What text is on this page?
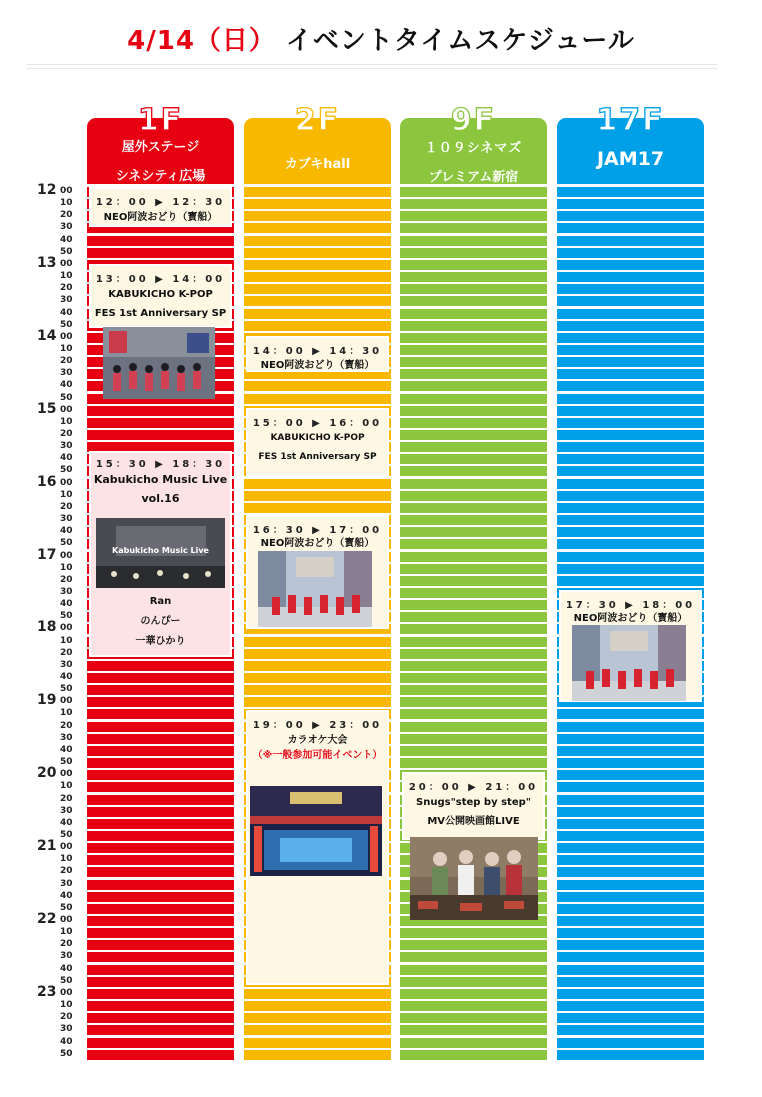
4/14（日） イベントタイムスケジュール
12 00
10
20
30
40
50
13 00
10
20
30
40
50
14 00
10
20
30
40
50
15 00
10
20
30
40
50
16 00
10
20
30
40
50
17 00
10
20
30
40
50
18 00
10
20
30
40
50
19 00
10
20
30
40
50
20 00
10
20
30
40
50
21 00
10
20
30
40
50
22 00
10
20
30
40
50
23 00
10
20
30
40
50
1F
屋外ステージ
シネシティ広場
2F
カブキhall
9F
１０９シネマズ
プレミアム新宿
17F
JAM17
12：00 ▶ 12：30
NEO阿波おどり（寳船）
13：00 ▶ 14：00
KABUKICHO K-POP
FES 1st Anniversary SP
15：30 ▶ 18：30
Kabukicho Music Live
vol.16
Ran
のんぴー
一華ひかり
Kabukicho Music Live
14：00 ▶ 14：30
NEO阿波おどり（寳船）
15：00 ▶ 16：00
KABUKICHO K-POP
FES 1st Anniversary SP
16：30 ▶ 17：00
NEO阿波おどり（寳船）
19：00 ▶ 23：00
カラオケ大会
（※一般参加可能イベント）
20：00 ▶ 21：00
Snugs"step by step"
MV公開映画館LIVE
17：30 ▶ 18：00
NEO阿波おどり（寳船）
